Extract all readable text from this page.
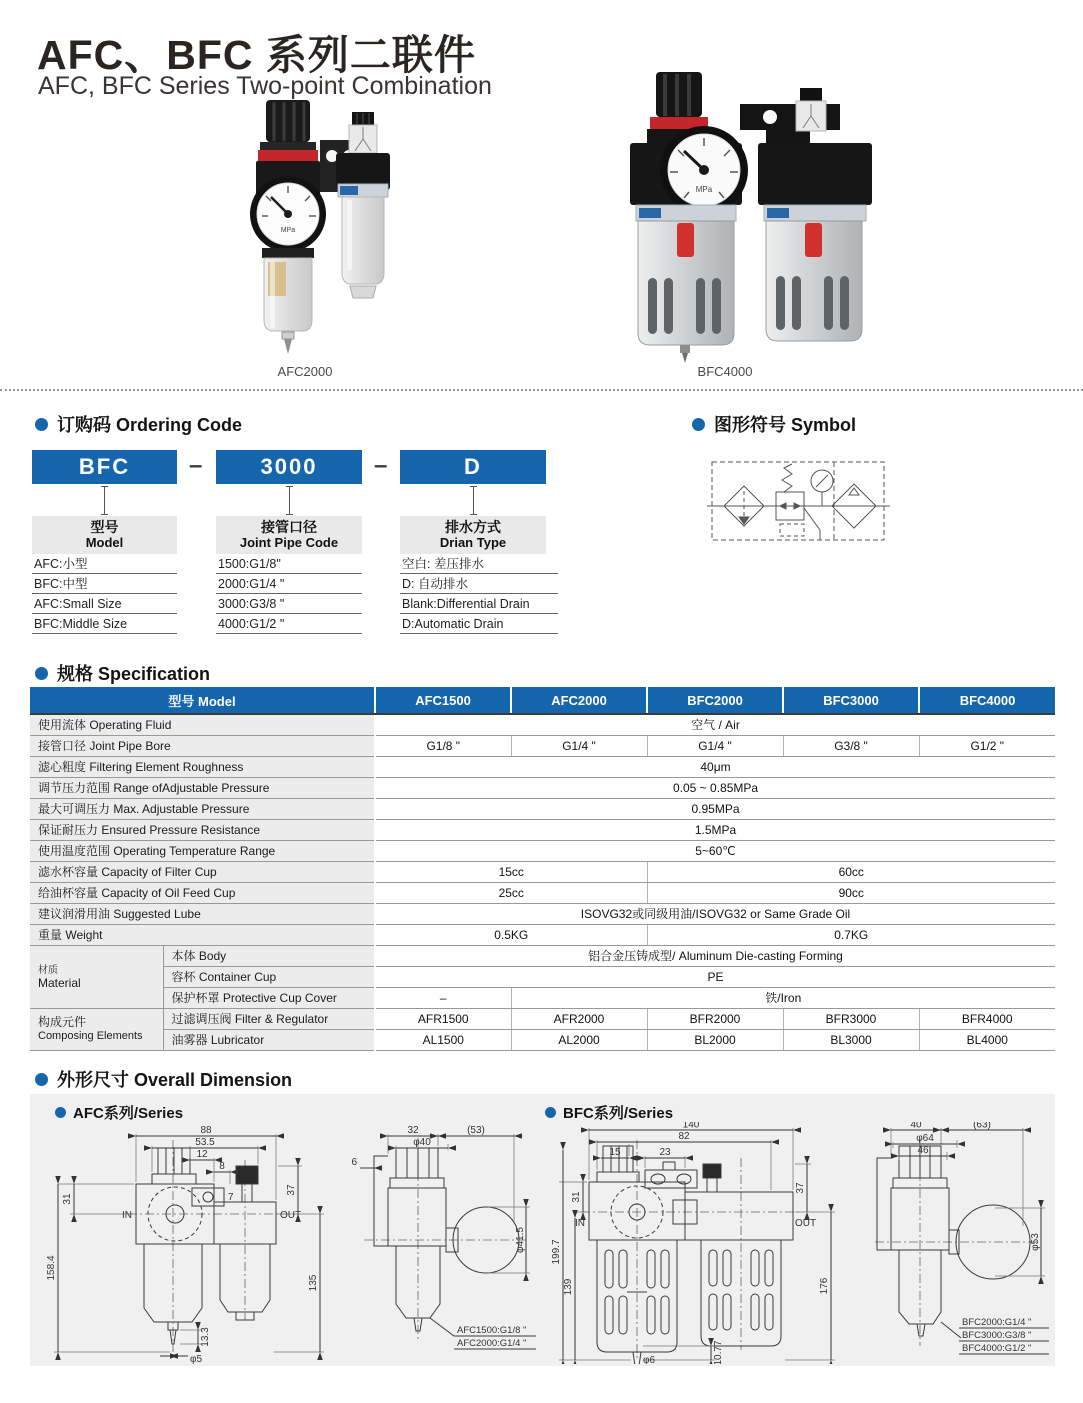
AFC、BFC 系列二联件
AFC, BFC Series Two-point Combination
MPa
MPa
AFC2000	BFC4000
订购码 Ordering Code
BFC	–	3000	–	D
型号
Model
AFC:小型
BFC:中型
AFC:Small Size
BFC:Middle Size
接管口径
Joint Pipe Code
1500:G1/8"
2000:G1/4 "
3000:G3/8 "
4000:G1/2 "
排水方式
Drian Type
空白: 差压排水
D: 自动排水
Blank:Differential Drain
D:Automatic Drain
图形符号 Symbol
规格 Specification
型号 Model		AFC1500	AFC2000	BFC2000	BFC3000	BFC4000
使用流体 Operating Fluid		空气 / Air				
接管口径 Joint Pipe Bore		G1/8 "	G1/4 "	G1/4 "	G3/8 "	G1/2 "
滤心粗度 Filtering Element Roughness		40μm				
调节压力范围 Range ofAdjustable Pressure		0.05 ~ 0.85MPa				
最大可调压力 Max. Adjustable Pressure		0.95MPa				
保证耐压力 Ensured Pressure Resistance		1.5MPa				
使用温度范围 Operating Temperature Range		5~60℃				
滤水杯容量 Capacity of Filter Cup		15cc		60cc		
给油杯容量 Capacity of Oil Feed Cup		25cc		90cc		
建议润滑用油 Suggested Lube		ISOVG32或同级用油/ISOVG32 or Same Grade Oil				
重量 Weight		0.5KG		0.7KG		
材质
Material	本体 Body	铝合金压铸成型/ Aluminum Die-casting Forming				
	容杯 Container Cup	PE				
	保护杯罩 Protective Cup Cover	–	铁/Iron			
构成元件
Composing Elements	过滤调压阀 Filter & Regulator	AFR1500	AFR2000	BFR2000	BFR3000	BFR4000
	油雾器 Lubricator	AL1500	AL2000	BL2000	BL3000	BL4000
外形尺寸 Overall Dimension
AFC系列/Series	BFC系列/Series
88
53.5
12
8
7
158.4
31
37
135
13.3
φ5
IN	OUT
32	(53)
φ40
6
φ41.5
AFC1500:G1/8 "
AFC2000:G1/4 "
140
82
15	23
199.7
139
31
37
176
10.77
φ6
IN	OUT
40	(63)
φ64
46
φ53
BFC2000:G1/4 "
BFC3000:G3/8 "
BFC4000:G1/2 "
